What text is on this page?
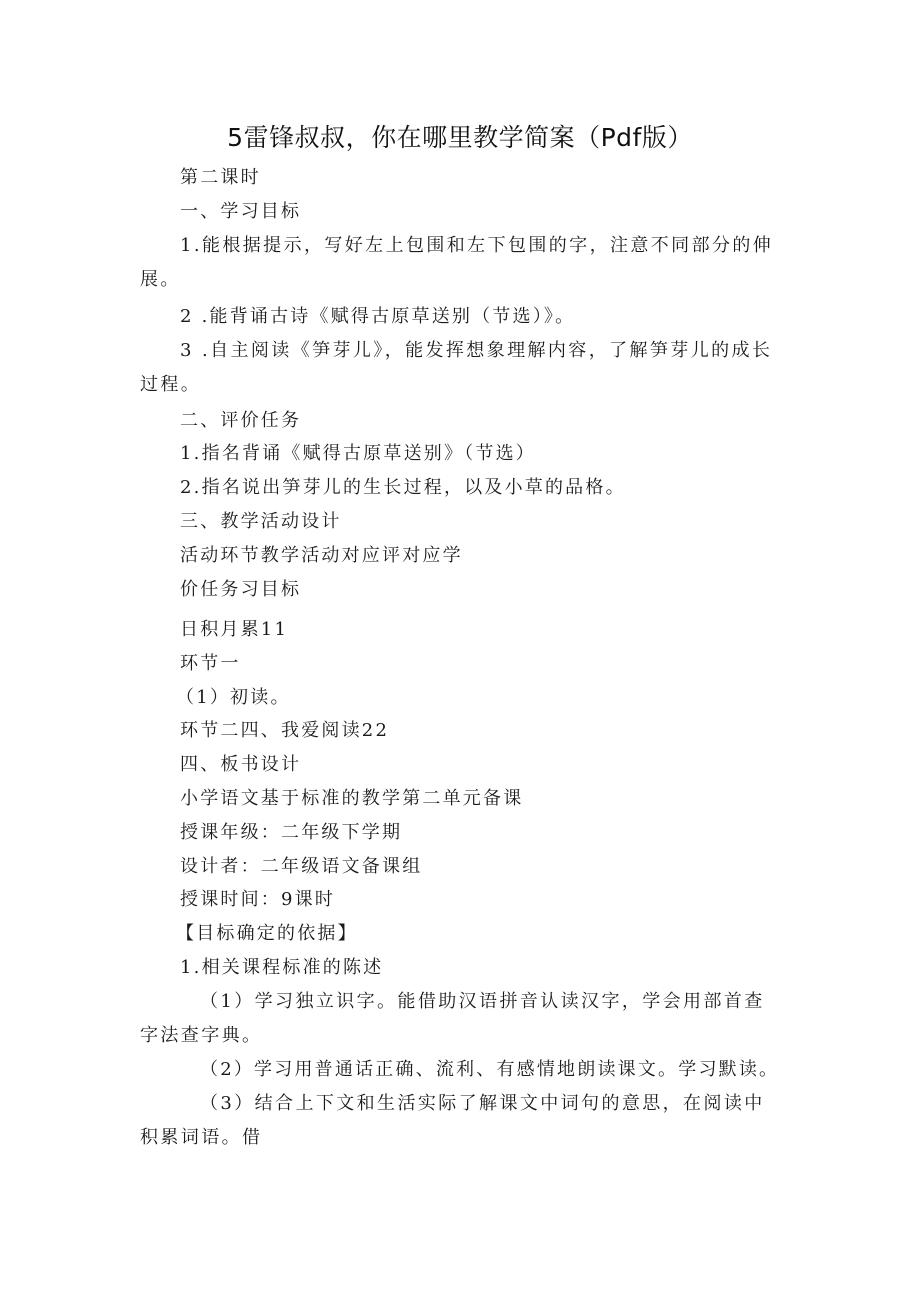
5雷锋叔叔，你在哪里教学简案（Pdf版）
第二课时
一、学习目标
1.能根据提示，写好左上包围和左下包围的字，注意不同部分的伸展。
2 .能背诵古诗《赋得古原草送别（节选）》。
3 .自主阅读《笋芽儿》，能发挥想象理解内容，了解笋芽儿的成长过程。
二、评价任务
1.指名背诵《赋得古原草送别》（节选）
2.指名说出笋芽儿的生长过程，以及小草的品格。
三、教学活动设计
活动环节教学活动对应评对应学
价任务习目标
日积月累11
环节一
（1）初读。
环节二四、我爱阅读22
四、板书设计
小学语文基于标准的教学第二单元备课
授课年级：二年级下学期
设计者：二年级语文备课组
授课时间：9课时
【目标确定的依据】
1.相关课程标准的陈述
（1）学习独立识字。能借助汉语拼音认读汉字，学会用部首查字法查字典。
（2）学习用普通话正确、流利、有感情地朗读课文。学习默读。
（3）结合上下文和生活实际了解课文中词句的意思，在阅读中积累词语。借
